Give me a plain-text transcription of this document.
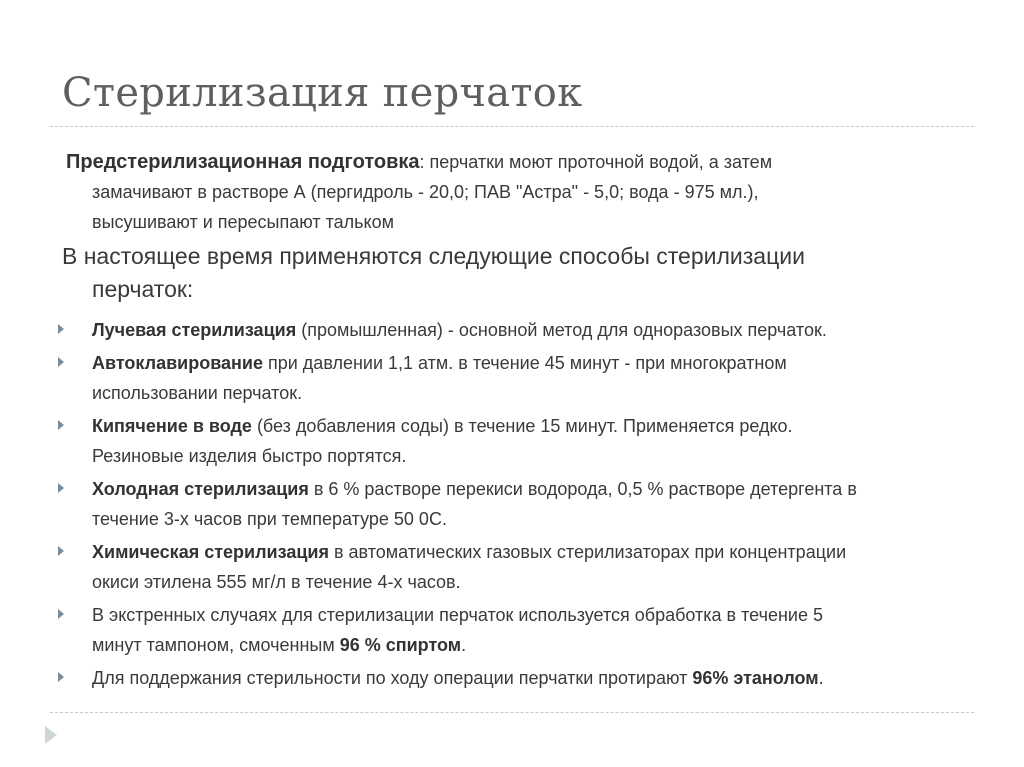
Стерилизация перчаток
Предстерилизационная подготовка: перчатки моют проточной водой, а затем
замачивают в растворе А (пергидроль - 20,0; ПАВ "Астра" - 5,0; вода - 975 мл.),
высушивают и пересыпают тальком
В настоящее время применяются следующие способы стерилизации
перчаток:
Лучевая стерилизация (промышленная) - основной метод для одноразовых перчаток.
Автоклавирование при давлении 1,1 атм. в течение 45 минут - при многократном
использовании перчаток.
Кипячение в воде (без добавления соды) в течение 15 минут. Применяется редко.
Резиновые изделия быстро портятся.
Холодная стерилизация в 6 % растворе перекиси водорода, 0,5 % растворе детергента в
течение 3-х часов при температуре 50 0С.
Химическая стерилизация в автоматических газовых стерилизаторах при концентрации
окиси этилена 555 мг/л в течение 4-х часов.
В экстренных случаях для стерилизации перчаток используется обработка в течение 5
минут тампоном, смоченным 96 % спиртом.
Для поддержания стерильности по ходу операции перчатки протирают 96% этанолом.
